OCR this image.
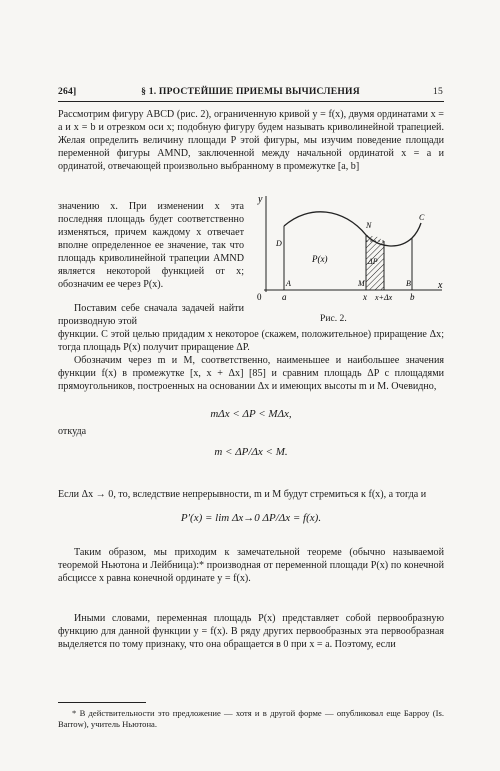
264]	§ 1. ПРОСТЕЙШИЕ ПРИЕМЫ ВЫЧИСЛЕНИЯ	15

Рассмотрим фигуру ABCD (рис. 2), ограниченную кривой y = f(x), двумя ординатами x = a и x = b и отрезком оси x; подобную фигуру будем называть криволинейной трапецией. Желая определить величину площади P этой фигуры, мы изучим поведение площади переменной фигуры AMND, заключенной между начальной ординатой x = a и ординатой, отвечающей произвольно выбранному в промежутке [a, b]

значению x. При изменении x эта последняя площадь будет соответственно изменяться, причем каждому x отвечает вполне определенное ее значение, так что площадь криволинейной трапеции AMND является некоторой функцией от x; обозначим ее через P(x).

Поставим себе сначала задачей найти производную этой

функции. С этой целью придадим x некоторое (скажем, положительное) приращение Δx; тогда площадь P(x) получит приращение ΔP.

Обозначим через m и M, соответственно, наименьшее и наибольшее значения функции f(x) в промежутке [x, x + Δx] [85] и сравним площадь ΔP с площадями прямоугольников, построенных на основании Δx и имеющих высоты m и M. Очевидно,

mΔx < ΔP < MΔx,
откуда
m < ΔP/Δx < M.

Если Δx → 0, то, вследствие непрерывности, m и M будут стремиться к f(x), а тогда и

P′(x) = lim Δx→0 ΔP/Δx = f(x).

Таким образом, мы приходим к замечательной теореме (обычно называемой теоремой Ньютона и Лейбница):* производная от переменной площади P(x) по конечной абсциссе x равна конечной ординате y = f(x).

Иными словами, переменная площадь P(x) представляет собой первообразную функцию для данной функции y = f(x). В ряду других первообразных эта первообразная выделяется по тому признаку, что она обращается в 0 при x = a. Поэтому, если

y
x
0
A
D
M
N
B
C
a	x x+Δx b
P(x)	ΔP
Рис. 2.

* В действительности это предложение — хотя и в другой форме — опубликовал еще Барроу (Is. Barrow), учитель Ньютона.
